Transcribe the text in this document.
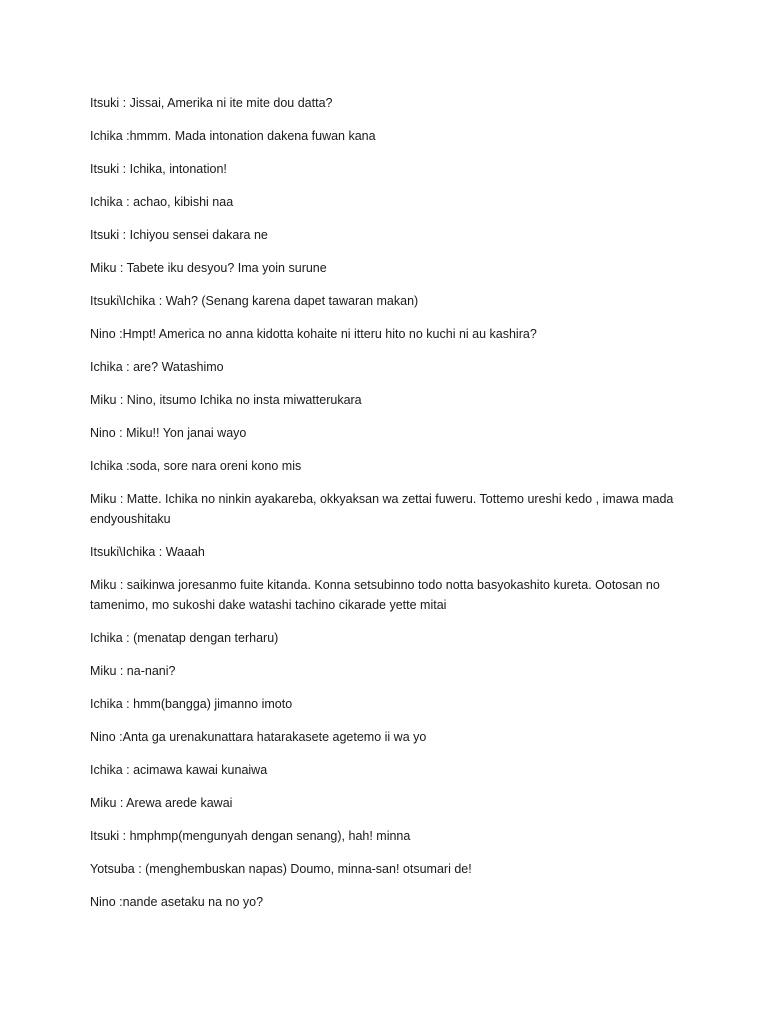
Itsuki : Jissai, Amerika ni ite mite dou datta?

Ichika :hmmm. Mada intonation dakena fuwan kana

Itsuki : Ichika, intonation!

Ichika : achao, kibishi naa

Itsuki : Ichiyou sensei dakara ne

Miku : Tabete iku desyou? Ima yoin surune

Itsuki\Ichika : Wah? (Senang karena dapet tawaran makan)

Nino :Hmpt! America no anna kidotta kohaite ni itteru hito no kuchi ni au kashira?

Ichika : are? Watashimo

Miku : Nino, itsumo Ichika no insta miwatterukara

Nino : Miku!! Yon janai wayo

Ichika :soda, sore nara oreni kono mis

Miku : Matte. Ichika no ninkin ayakareba, okkyaksan wa zettai fuweru. Tottemo ureshi kedo , imawa mada endyoushitaku

Itsuki\Ichika : Waaah

Miku : saikinwa joresanmo fuite kitanda. Konna setsubinno todo notta basyokashito kureta. Ootosan no tamenimo, mo sukoshi dake watashi tachino cikarade yette mitai

Ichika : (menatap dengan terharu)

Miku : na-nani?

Ichika : hmm(bangga) jimanno imoto

Nino :Anta ga urenakunattara hatarakasete agetemo ii wa yo

Ichika : acimawa kawai kunaiwa

Miku : Arewa arede kawai

Itsuki : hmphmp(mengunyah dengan senang), hah! minna

Yotsuba : (menghembuskan napas) Doumo, minna-san! otsumari de!

Nino :nande asetaku na no yo?
